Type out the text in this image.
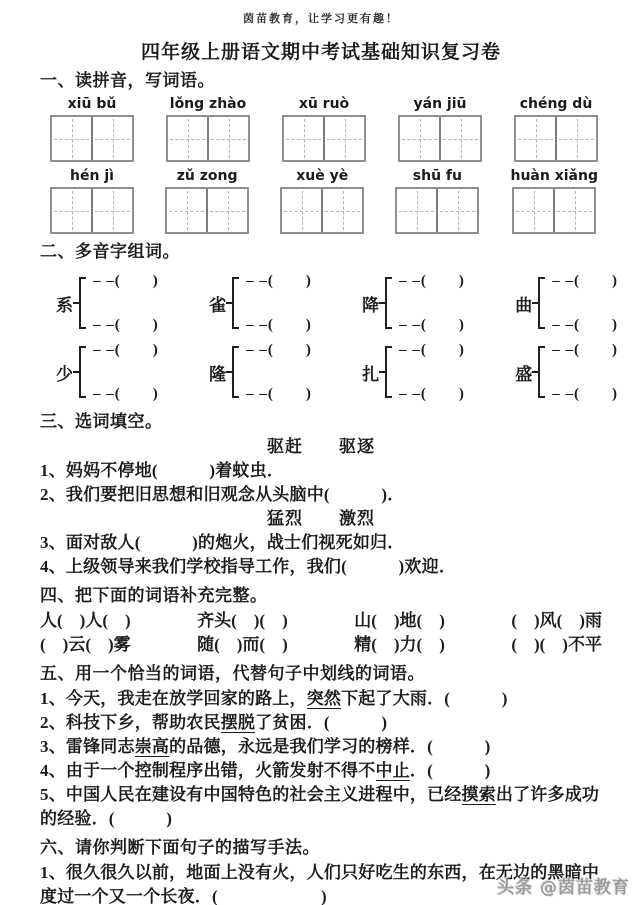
茵苗教育，让学习更有趣！
四年级上册语文期中考试基础知识复习卷
一、读拼音，写词语。
xiū bǔ	lǒng zhào	xū ruò	yán jiū	chéng dù
hén jì	zǔ zong	xuè yè	shū fu	huàn xiǎng
二、多音字组词。
系
– –(　　)
– –(　　)
雀
– –(　　)
– –(　　)
降
– –(　　)
– –(　　)
曲
– –(　　)
– –(　　)
少
– –(　　)
– –(　　)
隆
– –(　　)
– –(　　)
扎
– –(　　)
– –(　　)
盛
– –(　　)
– –(　　)
三、选词填空。
驱赶　　驱逐
1、妈妈不停地(　　　)着蚊虫．
2、我们要把旧思想和旧观念从头脑中(　　　)．
猛烈　　激烈
3、面对敌人(　　　)的炮火，战士们视死如归．
4、上级领导来我们学校指导工作，我们(　　　)欢迎．
四、把下面的词语补充完整。
人(　)人(　)	齐头(　)(　)	山(　)地(　)	(　)风(　)雨
(　)云(　)雾	随(　)而(　)	精(　)力(　)	(　)(　)不平
五、用一个恰当的词语，代替句子中划线的词语。
1、今天，我走在放学回家的路上，突然下起了大雨．(　　　)
2、科技下乡，帮助农民摆脱了贫困．(　　　)
3、雷锋同志崇高的品德，永远是我们学习的榜样．(　　　)
4、由于一个控制程序出错，火箭发射不得不中止．(　　　)
5、中国人民在建设有中国特色的社会主义进程中，已经摸索出了许多成功的经验．(　　　)
六、请你判断下面句子的描写手法。
1、很久很久以前，地面上没有火，人们只好吃生的东西，在无边的黑暗中度过一个又一个长夜．(　　　　　　)	头条 @茵苗教育
